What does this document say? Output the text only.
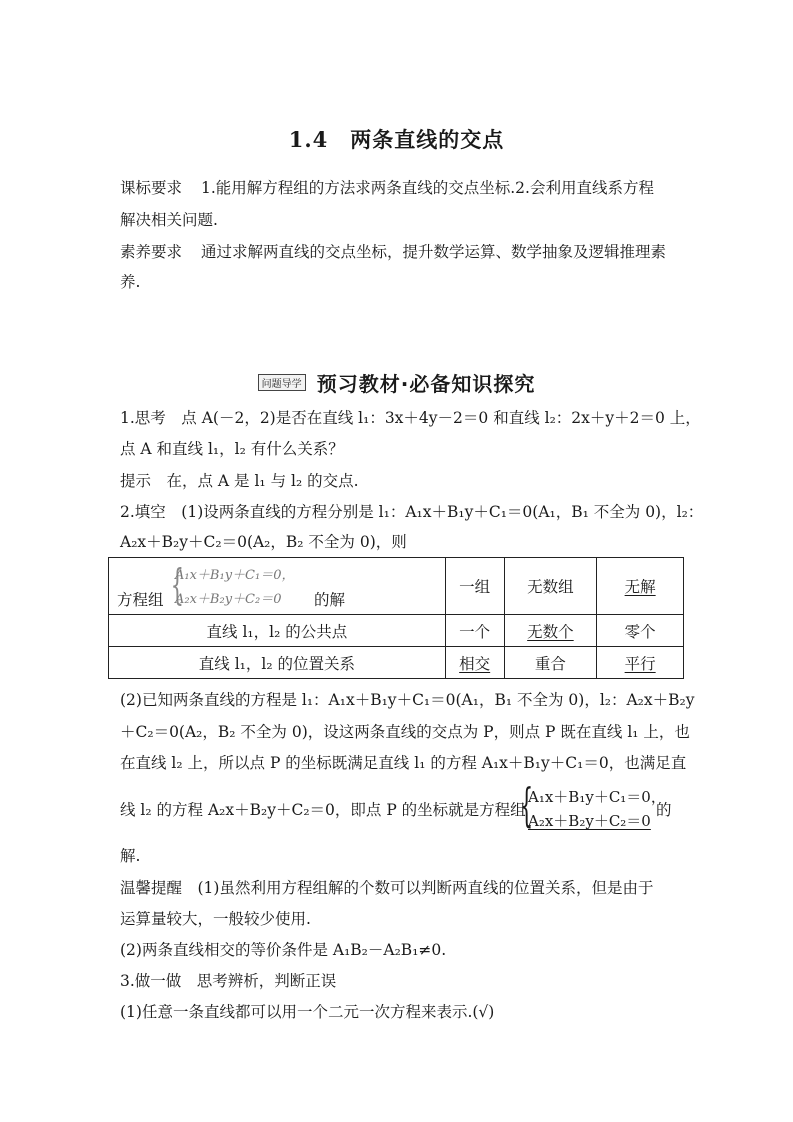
1.4　两条直线的交点
课标要求 1.能用解方程组的方法求两条直线的交点坐标.2.会利用直线系方程
解决相关问题.
素养要求 通过求解两直线的交点坐标，提升数学运算、数学抽象及逻辑推理素
养.
问题导学 预习教材·必备知识探究
1.思考　点 A(－2，2)是否在直线 l₁：3x＋4y－2＝0 和直线 l₂：2x＋y＋2＝0 上，
点 A 和直线 l₁，l₂ 有什么关系？
提示　在，点 A 是 l₁ 与 l₂ 的交点.
2.填空　(1)设两条直线的方程分别是 l₁：A₁x＋B₁y＋C₁＝0(A₁，B₁ 不全为 0)，l₂：
A₂x＋B₂y＋C₂＝0(A₂，B₂ 不全为 0)，则
方程组 {
A₁x＋B₁y＋C₁＝0，
A₂x＋B₂y＋C₂＝0 的解	一组	无数组	无解
直线 l₁，l₂ 的公共点	一个	无数个	零个
直线 l₁，l₂ 的位置关系	相交	重合	平行
(2)已知两条直线的方程是 l₁：A₁x＋B₁y＋C₁＝0(A₁，B₁ 不全为 0)，l₂：A₂x＋B₂y
＋C₂＝0(A₂，B₂ 不全为 0)，设这两条直线的交点为 P，则点 P 既在直线 l₁ 上，也
在直线 l₂ 上，所以点 P 的坐标既满足直线 l₁ 的方程 A₁x＋B₁y＋C₁＝0，也满足直
线 l₂ 的方程 A₂x＋B₂y＋C₂＝0，即点 P 的坐标就是方程组
{
A₁x＋B₁y＋C₁＝0，
A₂x＋B₂y＋C₂＝0
的
解.
温馨提醒　(1)虽然利用方程组解的个数可以判断两直线的位置关系，但是由于
运算量较大，一般较少使用.
(2)两条直线相交的等价条件是 A₁B₂－A₂B₁≠0.
3.做一做　思考辨析，判断正误
(1)任意一条直线都可以用一个二元一次方程来表示.(√)
